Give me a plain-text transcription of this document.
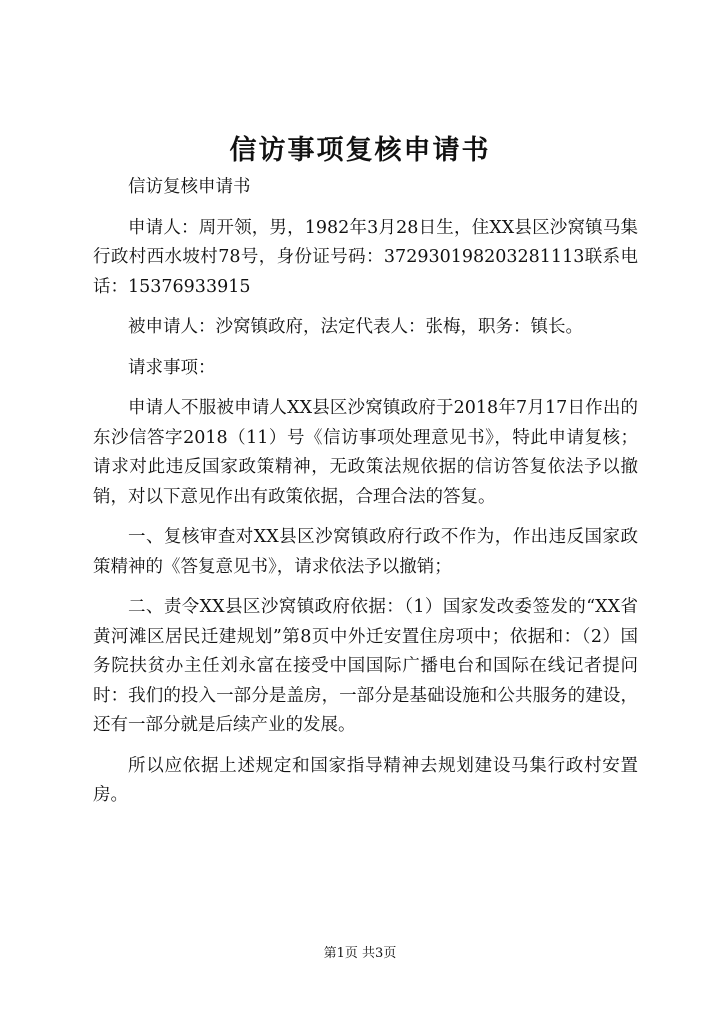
信访事项复核申请书

信访复核申请书

申请人：周开领，男，1982年3月28日生，住XX县区沙窝镇马集行政村西水坡村78号，身份证号码：372930198203281113联系电话：15376933915

被申请人：沙窝镇政府，法定代表人：张梅，职务：镇长。

请求事项：

申请人不服被申请人XX县区沙窝镇政府于2018年7月17日作出的东沙信答字2018（11）号《信访事项处理意见书》，特此申请复核；请求对此违反国家政策精神，无政策法规依据的信访答复依法予以撤销，对以下意见作出有政策依据，合理合法的答复。

一、复核审查对XX县区沙窝镇政府行政不作为，作出违反国家政策精神的《答复意见书》，请求依法予以撤销；

二、责令XX县区沙窝镇政府依据：（1）国家发改委签发的“XX省黄河滩区居民迁建规划”第8页中外迁安置住房项中；依据和：（2）国务院扶贫办主任刘永富在接受中国国际广播电台和国际在线记者提问时：我们的投入一部分是盖房，一部分是基础设施和公共服务的建设，还有一部分就是后续产业的发展。

所以应依据上述规定和国家指导精神去规划建设马集行政村安置房。

第1页 共3页
